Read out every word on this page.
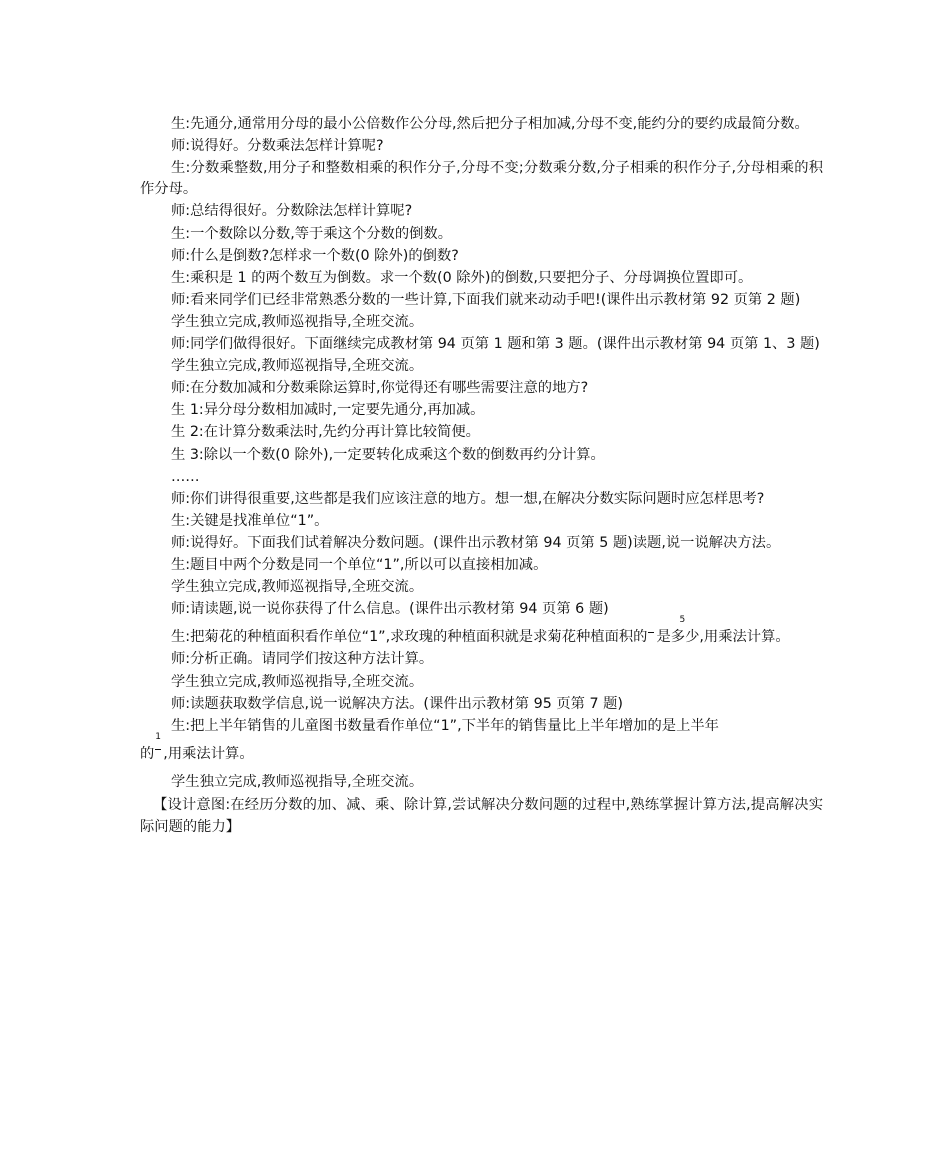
生:先通分,通常用分母的最小公倍数作公分母,然后把分子相加减,分母不变,能约分的要约成最简分数。

师:说得好。分数乘法怎样计算呢?

生:分数乘整数,用分子和整数相乘的积作分子,分母不变;分数乘分数,分子相乘的积作分子,分母相乘的积作分母。

师:总结得很好。分数除法怎样计算呢?

生:一个数除以分数,等于乘这个分数的倒数。

师:什么是倒数?怎样求一个数(0 除外)的倒数?

生:乘积是 1 的两个数互为倒数。求一个数(0 除外)的倒数,只要把分子、分母调换位置即可。

师:看来同学们已经非常熟悉分数的一些计算,下面我们就来动动手吧!(课件出示教材第 92 页第 2 题)

学生独立完成,教师巡视指导,全班交流。

师:同学们做得很好。下面继续完成教材第 94 页第 1 题和第 3 题。(课件出示教材第 94 页第 1、3 题)

学生独立完成,教师巡视指导,全班交流。

师:在分数加减和分数乘除运算时,你觉得还有哪些需要注意的地方?

生 1:异分母分数相加减时,一定要先通分,再加减。

生 2:在计算分数乘法时,先约分再计算比较简便。

生 3:除以一个数(0 除外),一定要转化成乘这个数的倒数再约分计算。

……

师:你们讲得很重要,这些都是我们应该注意的地方。想一想,在解决分数实际问题时应怎样思考?

生:关键是找准单位“1”。

师:说得好。下面我们试着解决分数问题。(课件出示教材第 94 页第 5 题)读题,说一说解决方法。

生:题目中两个分数是同一个单位“1”,所以可以直接相加减。

学生独立完成,教师巡视指导,全班交流。

师:请读题,说一说你获得了什么信息。(课件出示教材第 94 页第 6 题)

生:把菊花的种植面积看作单位“1”,求玫瑰的种植面积就是求菊花种植面积的
5
是多少,用乘法计算。

师:分析正确。请同学们按这种方法计算。

学生独立完成,教师巡视指导,全班交流。

师:读题获取数学信息,说一说解决方法。(课件出示教材第 95 页第 7 题)

生:把上半年销售的儿童图书数量看作单位“1”,下半年的销售量比上半年增加的是上半年

的
1
,用乘法计算。

学生独立完成,教师巡视指导,全班交流。

【设计意图:在经历分数的加、减、乘、除计算,尝试解决分数问题的过程中,熟练掌握计算方法,提高解决实际问题的能力】
